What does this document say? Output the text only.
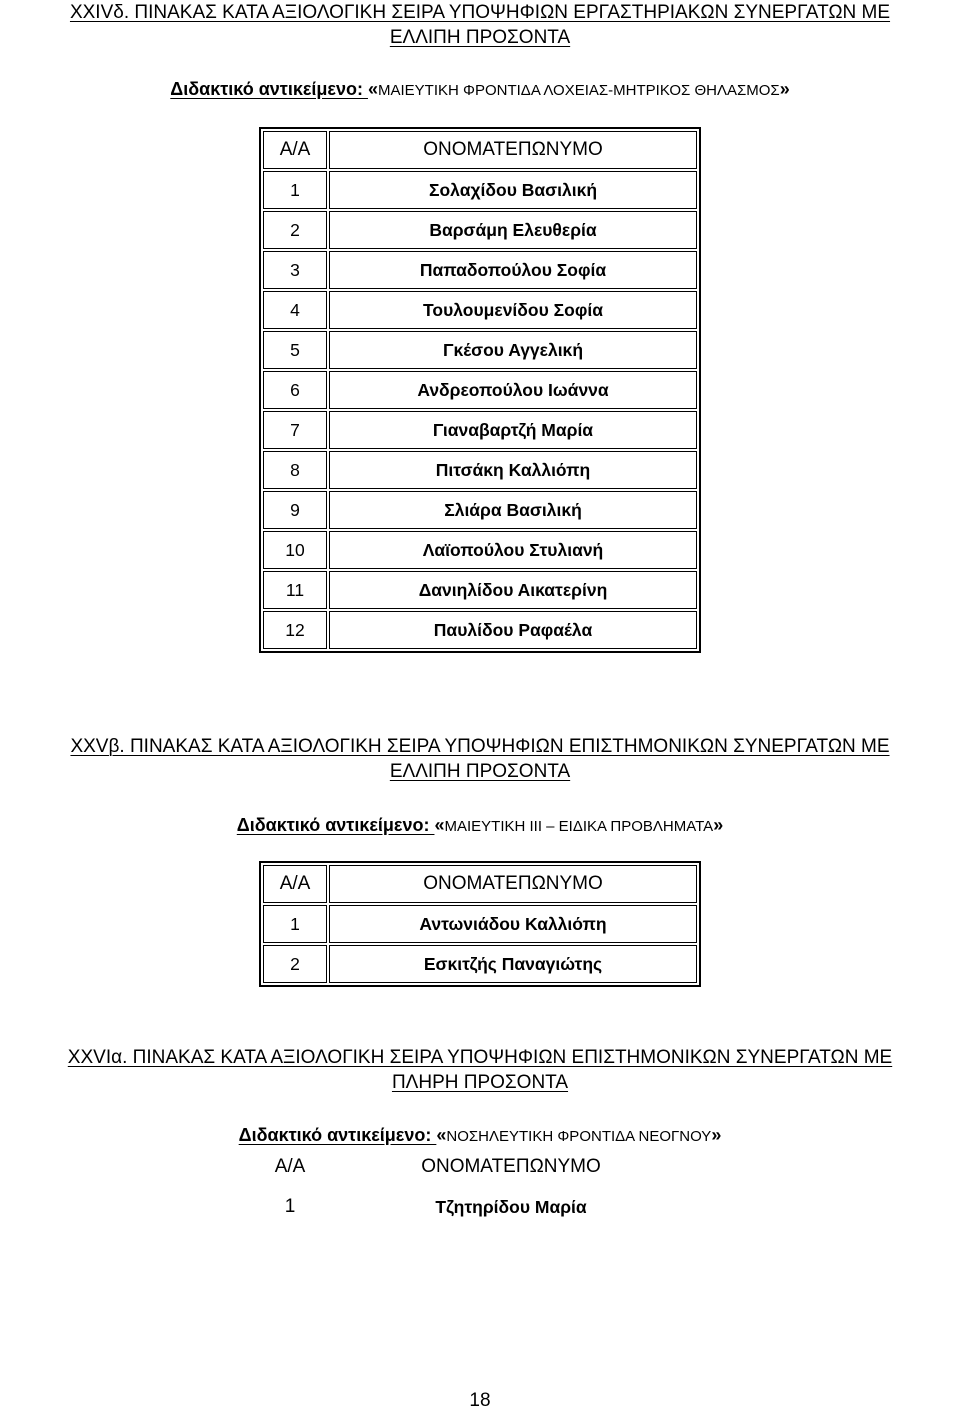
XXIVδ. ΠΙΝΑΚΑΣ ΚΑΤΑ ΑΞΙΟΛΟΓΙΚΗ ΣΕΙΡΑ ΥΠΟΨΗΦΙΩΝ ΕΡΓΑΣΤΗΡΙΑΚΩΝ ΣΥΝΕΡΓΑΤΩΝ ΜΕ
ΕΛΛΙΠΗ ΠΡΟΣΟΝΤΑ
Διδακτικό αντικείμενο: «ΜΑΙΕΥΤΙΚΗ ΦΡΟΝΤΙΔΑ ΛΟΧΕΙΑΣ-ΜΗΤΡΙΚΟΣ ΘΗΛΑΣΜΟΣ»
Α/Α	ΟΝΟΜΑΤΕΠΩΝΥΜΟ
1	Σολαχίδου Βασιλική
2	Βαρσάμη Ελευθερία
3	Παπαδοπούλου Σοφία
4	Τουλουμενίδου Σοφία
5	Γκέσου Αγγελική
6	Ανδρεοπούλου Ιωάννα
7	Γιαναβαρτζή Μαρία
8	Πιτσάκη Καλλιόπη
9	Σλιάρα Βασιλική
10	Λαϊοπούλου Στυλιανή
11	Δανιηλίδου Αικατερίνη
12	Παυλίδου Ραφαέλα
XXVβ. ΠΙΝΑΚΑΣ ΚΑΤΑ ΑΞΙΟΛΟΓΙΚΗ ΣΕΙΡΑ ΥΠΟΨΗΦΙΩΝ ΕΠΙΣΤΗΜΟΝΙΚΩΝ ΣΥΝΕΡΓΑΤΩΝ ΜΕ
ΕΛΛΙΠΗ ΠΡΟΣΟΝΤΑ
Διδακτικό αντικείμενο: «ΜΑΙΕΥΤΙΚΗ ΙΙΙ – ΕΙΔΙΚΑ ΠΡΟΒΛΗΜΑΤΑ»
Α/Α	ΟΝΟΜΑΤΕΠΩΝΥΜΟ
1	Αντωνιάδου Καλλιόπη
2	Εσκιτζής Παναγιώτης
XXVIα. ΠΙΝΑΚΑΣ ΚΑΤΑ ΑΞΙΟΛΟΓΙΚΗ ΣΕΙΡΑ ΥΠΟΨΗΦΙΩΝ ΕΠΙΣΤΗΜΟΝΙΚΩΝ ΣΥΝΕΡΓΑΤΩΝ ΜΕ
ΠΛΗΡΗ ΠΡΟΣΟΝΤΑ
Διδακτικό αντικείμενο: «ΝΟΣΗΛΕΥΤΙΚΗ ΦΡΟΝΤΙΔΑ ΝΕΟΓΝΟΥ»
Α/Α	ΟΝΟΜΑΤΕΠΩΝΥΜΟ
1	Τζητηρίδου Μαρία
18
